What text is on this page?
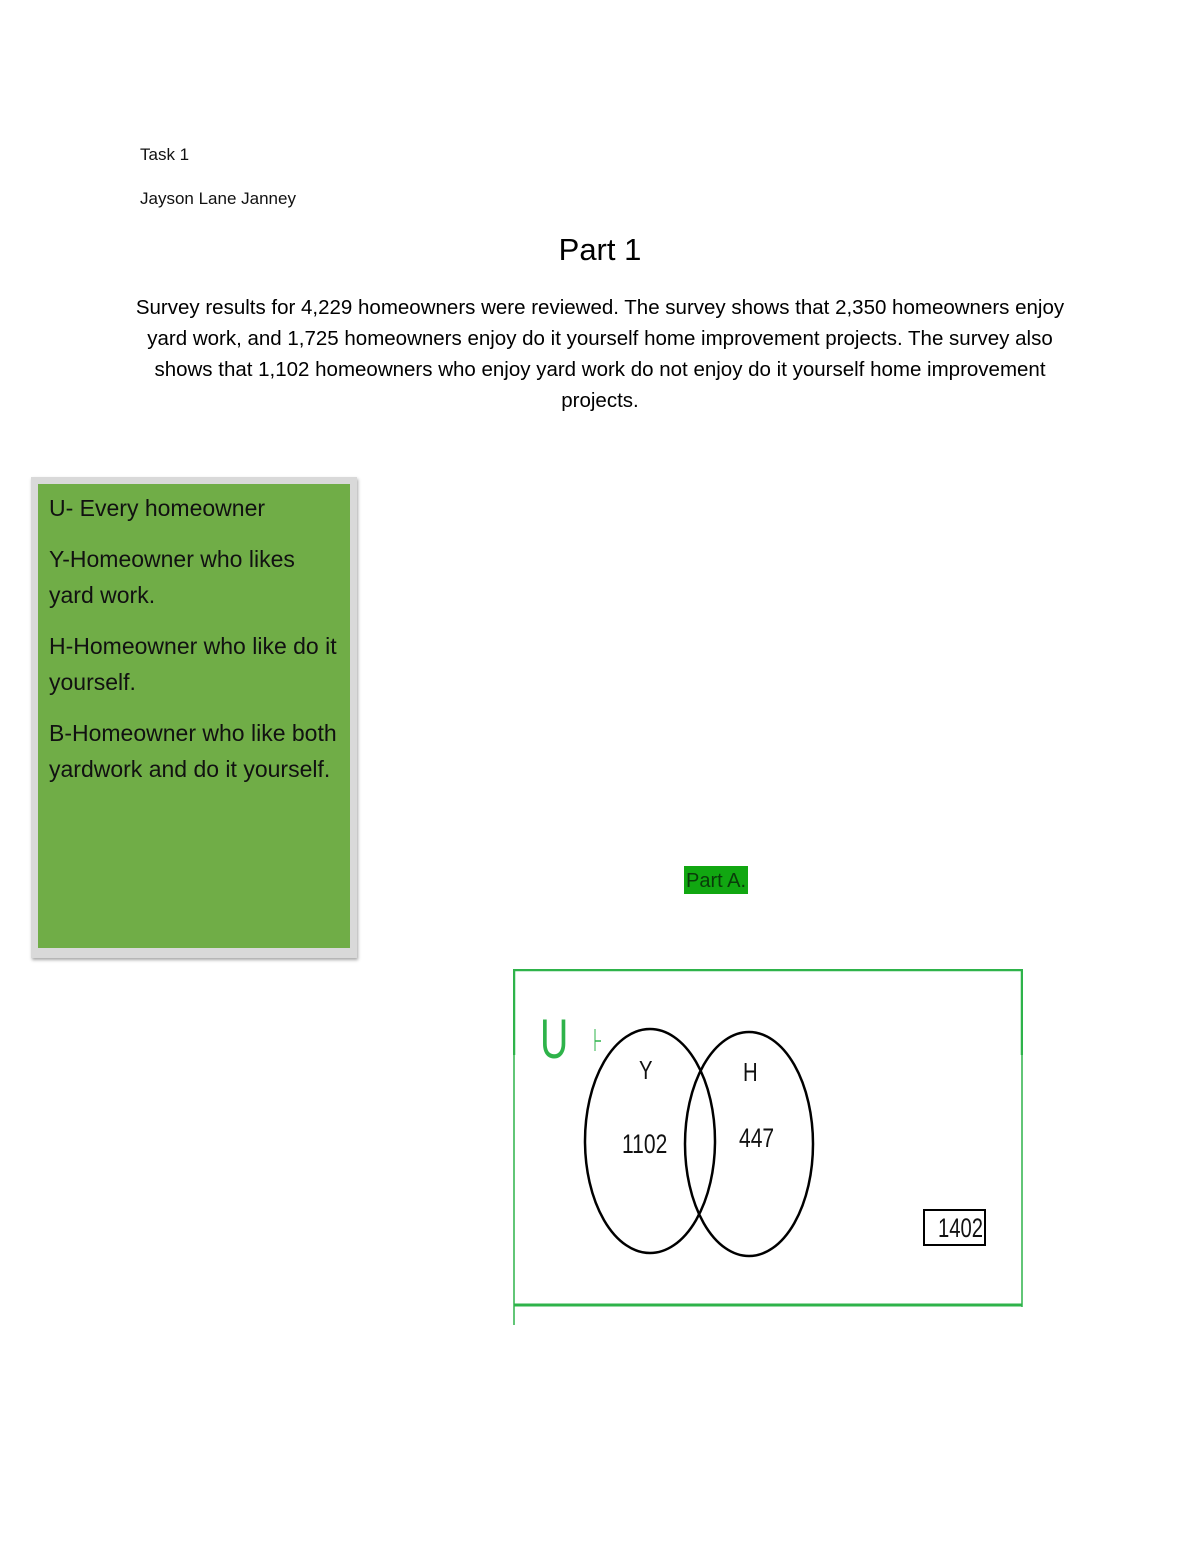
Task 1
Jayson Lane Janney
Part 1
Survey results for 4,229 homeowners were reviewed. The survey shows that 2,350 homeowners enjoy yard work, and 1,725 homeowners enjoy do it yourself home improvement projects. The survey also shows that 1,102 homeowners who enjoy yard work do not enjoy do it yourself home improvement projects.

U- Every homeowner

Y-Homeowner who likes yard work.

H-Homeowner who like do it yourself.

B-Homeowner who like both yardwork and do it yourself.

Part A.
U	Y	H
1102	447
1402
